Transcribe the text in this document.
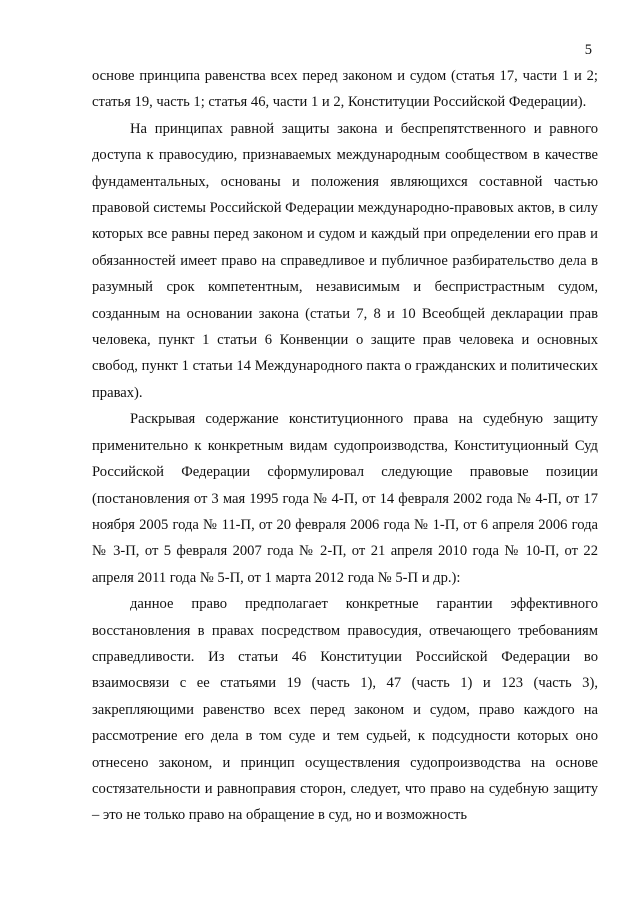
5

основе принципа равенства всех перед законом и судом (статья 17, части 1 и 2; статья 19, часть 1; статья 46, части 1 и 2, Конституции Российской Федерации).

На принципах равной защиты закона и беспрепятственного и равного доступа к правосудию, признаваемых международным сообществом в качестве фундаментальных, основаны и положения являющихся составной частью правовой системы Российской Федерации международно-правовых актов, в силу которых все равны перед законом и судом и каждый при определении его прав и обязанностей имеет право на справедливое и публичное разбирательство дела в разумный срок компетентным, независимым и беспристрастным судом, созданным на основании закона (статьи 7, 8 и 10 Всеобщей декларации прав человека, пункт 1 статьи 6 Конвенции о защите прав человека и основных свобод, пункт 1 статьи 14 Международного пакта о гражданских и политических правах).

Раскрывая содержание конституционного права на судебную защиту применительно к конкретным видам судопроизводства, Конституционный Суд Российской Федерации сформулировал следующие правовые позиции (постановления от 3 мая 1995 года № 4-П, от 14 февраля 2002 года № 4-П, от 17 ноября 2005 года № 11-П, от 20 февраля 2006 года № 1-П, от 6 апреля 2006 года № 3-П, от 5 февраля 2007 года № 2-П, от 21 апреля 2010 года № 10-П, от 22 апреля 2011 года № 5-П, от 1 марта 2012 года № 5-П и др.):

данное право предполагает конкретные гарантии эффективного восстановления в правах посредством правосудия, отвечающего требованиям справедливости. Из статьи 46 Конституции Российской Федерации во взаимосвязи с ее статьями 19 (часть 1), 47 (часть 1) и 123 (часть 3), закрепляющими равенство всех перед законом и судом, право каждого на рассмотрение его дела в том суде и тем судьей, к подсудности которых оно отнесено законом, и принцип осуществления судопроизводства на основе состязательности и равноправия сторон, следует, что право на судебную защиту – это не только право на обращение в суд, но и возможность
